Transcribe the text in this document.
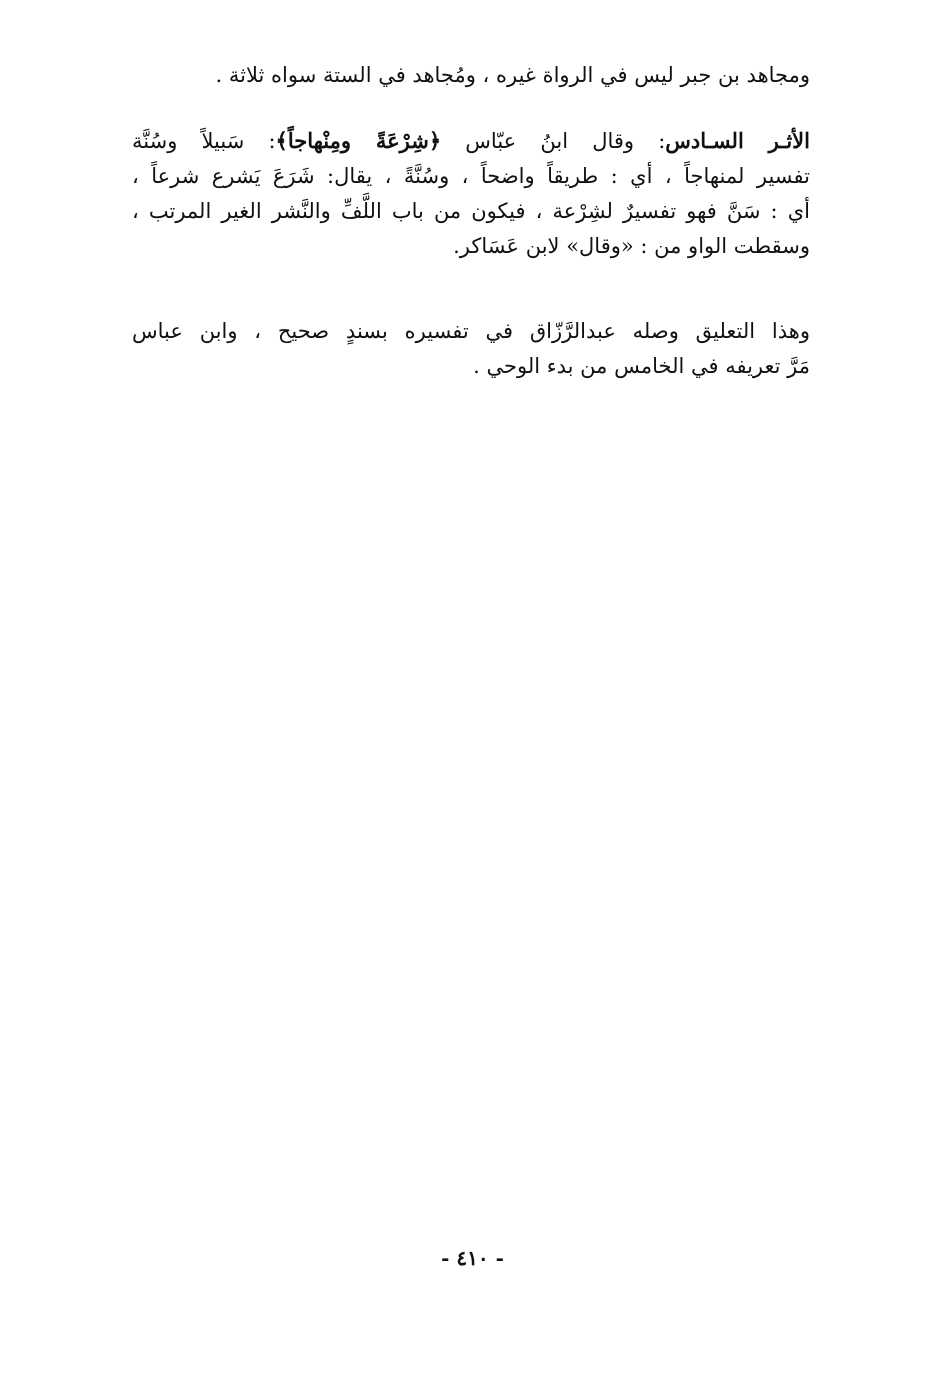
ومجاهد بن جبر ليس في الرواة غيره ، ومُجاهد في الستة سواه ثلاثة .
الأثـر السـادس: وقال ابنُ عبّاس ﴿شِرْعَةً ومِنْهاجاً﴾: سَبيلاً وسُنَّة
تفسير لمنهاجاً ، أي : طريقاً واضحاً ، وسُنَّةً ، يقال: شَرَعَ يَشرع شرعاً ،
أي : سَنَّ فهو تفسيرٌ لشِرْعة ، فيكون من باب اللَّفِّ والنَّشر الغير المرتب ،
وسقطت الواو من : «وقال» لابن عَسَاكر.
وهذا التعليق وصله عبدالرَّزّاق في تفسيره بسندٍ صحيح ، وابن عباس
مَرَّ تعريفه في الخامس من بدء الوحي .
- ٤١٠ -
